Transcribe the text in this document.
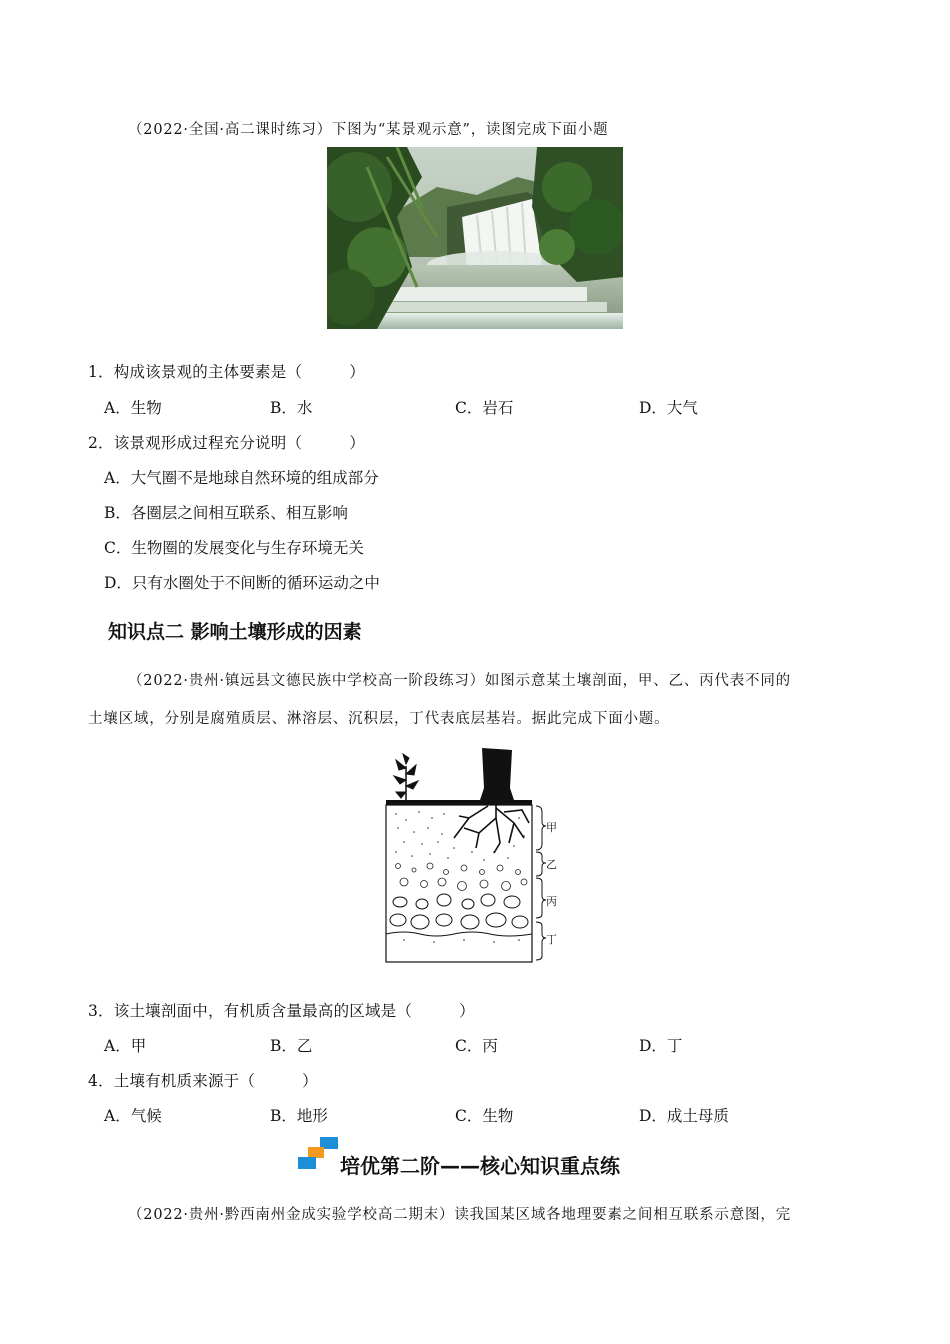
（2022·全国·高二课时练习）下图为“某景观示意”，读图完成下面小题
1．构成该景观的主体要素是（　　　）
A．生物	B．水	C．岩石	D．大气
2．该景观形成过程充分说明（　　　）
A．大气圈不是地球自然环境的组成部分
B．各圈层之间相互联系、相互影响
C．生物圈的发展变化与生存环境无关
D．只有水圈处于不间断的循环运动之中
知识点二 影响土壤形成的因素
（2022·贵州·镇远县文德民族中学校高一阶段练习）如图示意某土壤剖面，甲、乙、丙代表不同的
土壤区域，分别是腐殖质层、淋溶层、沉积层，丁代表底层基岩。据此完成下面小题。
甲
乙
丙
丁
3．该土壤剖面中，有机质含量最高的区域是（　　　）
A．甲	B．乙	C．丙	D．丁
4．土壤有机质来源于（　　　）
A．气候	B．地形	C．生物	D．成土母质
培优第二阶——核心知识重点练
（2022·贵州·黔西南州金成实验学校高二期末）读我国某区域各地理要素之间相互联系示意图，完
